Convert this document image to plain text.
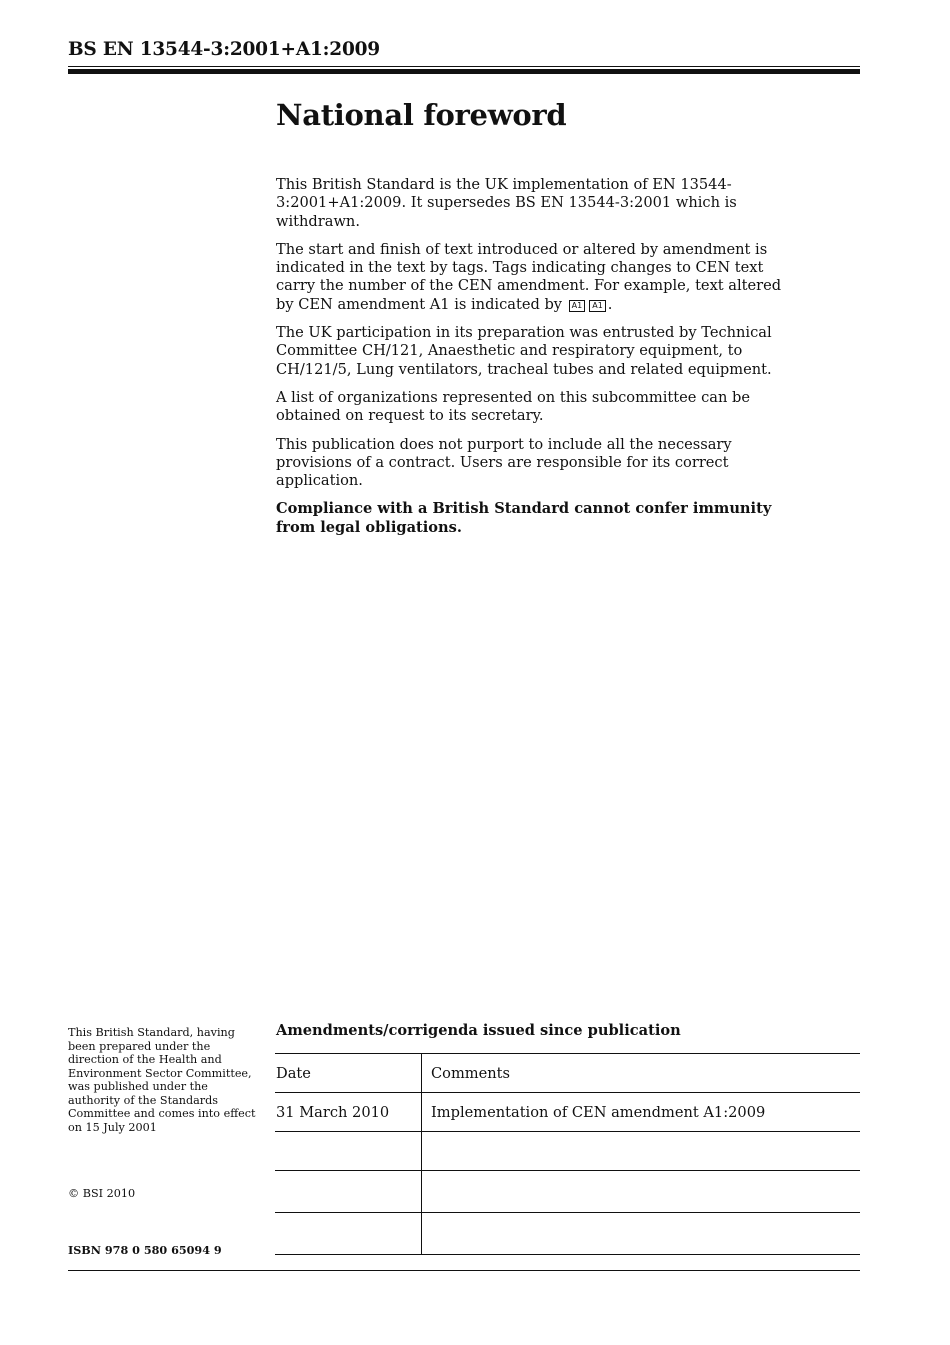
BS EN 13544-3:2001+A1:2009
National foreword

This British Standard is the UK implementation of EN 13544-3:2001+A1:2009. It supersedes BS EN 13544-3:2001 which is withdrawn.

The start and finish of text introduced or altered by amendment is indicated in the text by tags. Tags indicating changes to CEN text carry the number of the CEN amendment. For example, text altered by CEN amendment A1 is indicated by A1 A1 .

The UK participation in its preparation was entrusted by Technical Committee CH/121, Anaesthetic and respiratory equipment, to CH/121/5, Lung ventilators, tracheal tubes and related equipment.

A list of organizations represented on this subcommittee can be obtained on request to its secretary.

This publication does not purport to include all the necessary provisions of a contract. Users are responsible for its correct application.

Compliance with a British Standard cannot confer immunity from legal obligations.

This British Standard, having been prepared under the direction of the Health and Environment Sector Committee, was published under the authority of the Standards Committee and comes into effect on 15 July 2001
© BSI 2010
ISBN 978 0 580 65094 9
Amendments/corrigenda issued since publication
Date	Comments
31 March 2010	Implementation of CEN amendment A1:2009
